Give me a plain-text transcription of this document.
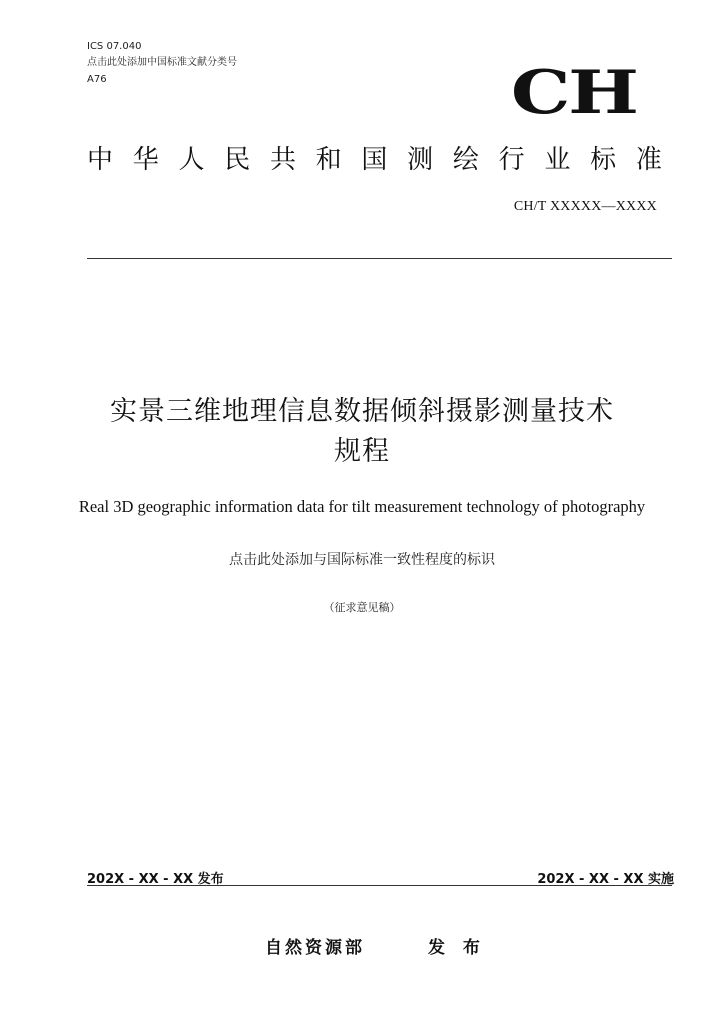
ICS 07.040
点击此处添加中国标准文献分类号
A76	CH
中 华 人 民 共 和 国 测 绘 行 业 标 准
CH/T XXXXX—XXXX
实景三维地理信息数据倾斜摄影测量技术
规程
Real 3D geographic information data for tilt measurement technology of photography
点击此处添加与国际标准一致性程度的标识
（征求意见稿）
202X - XX - XX 发布	202X - XX - XX 实施
自然资源部	发 布
